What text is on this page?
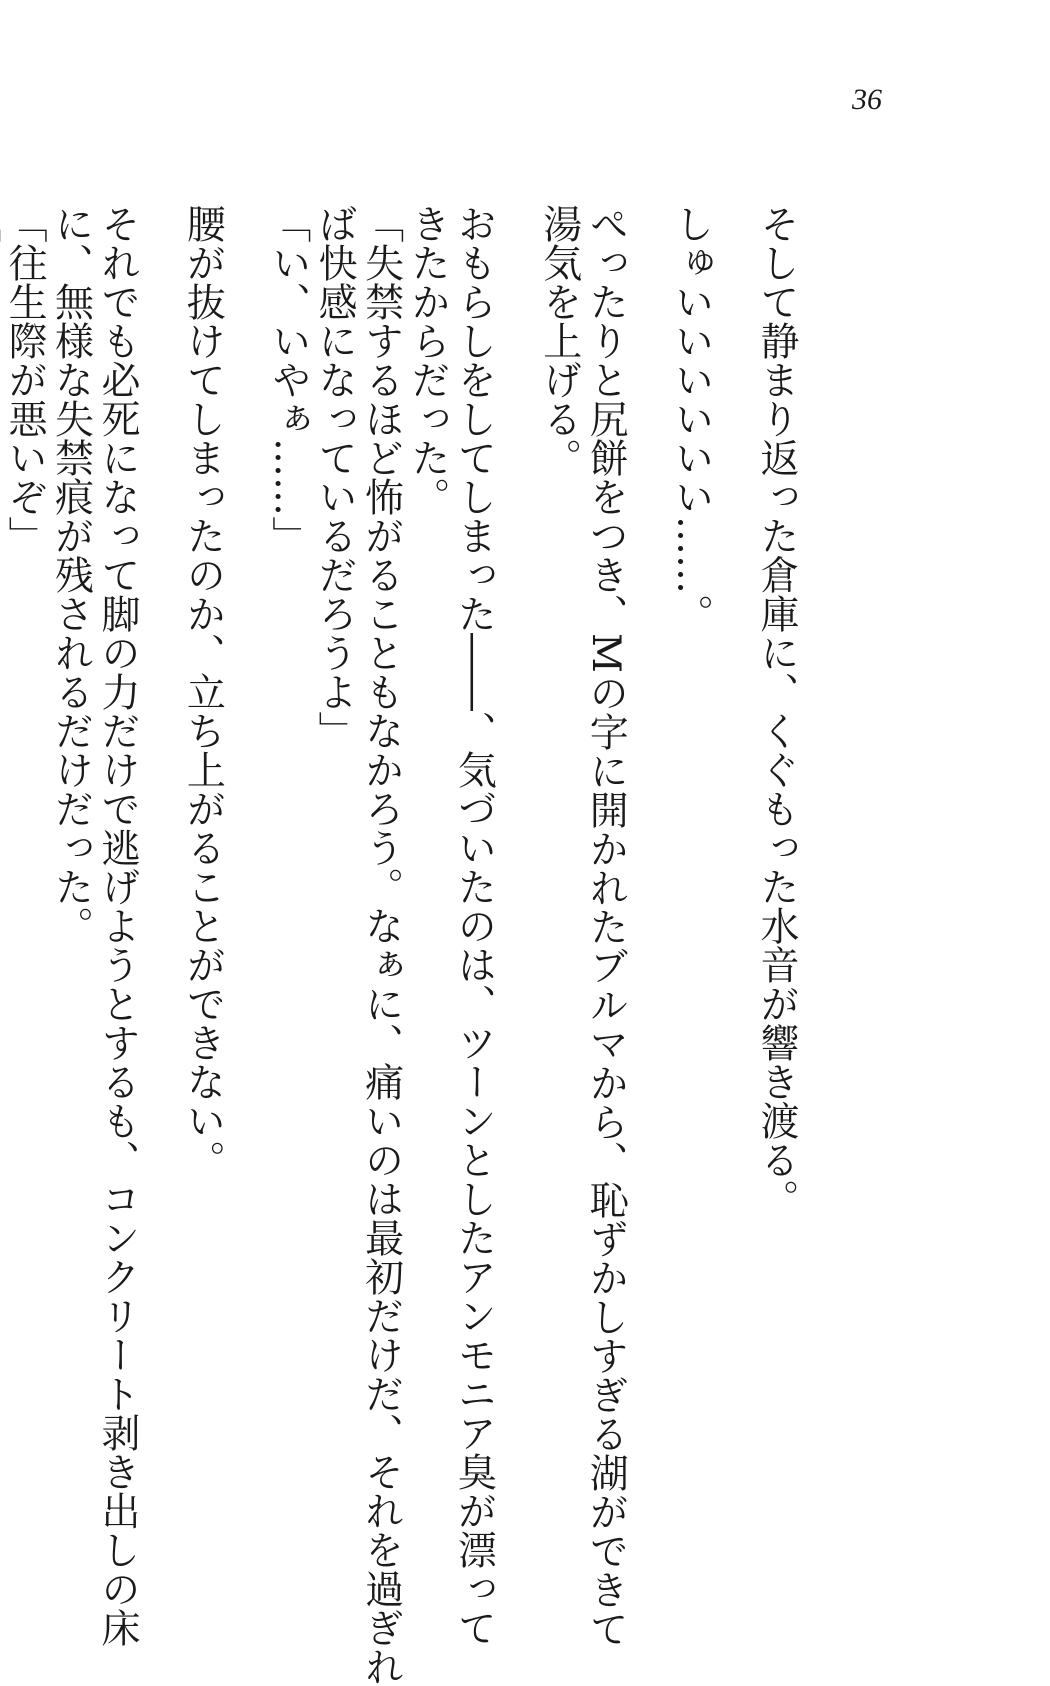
36
そして静まり返った倉庫に、くぐもった水音が響き渡る。
しゅいいいいいい……。
ぺったりと尻餅をつき、Mの字に開かれたブルマから、恥ずかしすぎる湖ができて
湯気を上げる。
おもらしをしてしまった――、気づいたのは、ツーンとしたアンモニア臭が漂って
きたからだった。
「失禁するほど怖がることもなかろう。なぁに、痛いのは最初だけだ、それを過ぎれ
ば快感になっているだろうよ」
「い、いやぁ……」
腰が抜けてしまったのか、立ち上がることができない。
それでも必死になって脚の力だけで逃げようとするも、コンクリート剥き出しの床
に、無様な失禁痕が残されるだけだった。
「往生際が悪いぞ」
